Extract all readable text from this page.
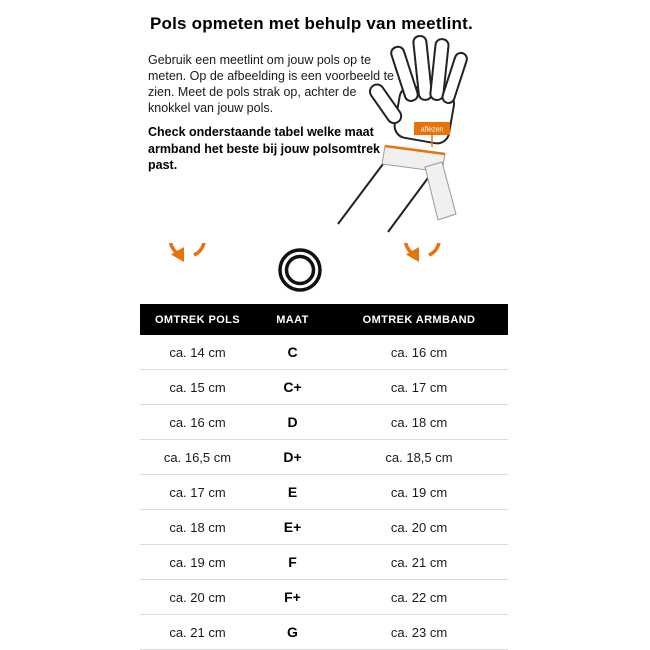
Pols opmeten met behulp van meetlint.
Gebruik een meetlint om jouw pols op te meten. Op de afbeelding is een voorbeeld te zien. Meet de pols strak op, achter de knokkel van jouw pols.
Check onderstaande tabel welke maat armband het beste bij jouw polsomtrek past.
aflezen
OMTREK POLS	MAAT	OMTREK ARMBAND
ca. 14 cm	C	ca. 16 cm
ca. 15 cm	C+	ca. 17 cm
ca. 16 cm	D	ca. 18 cm
ca. 16,5 cm	D+	ca. 18,5 cm
ca. 17 cm	E	ca. 19 cm
ca. 18 cm	E+	ca. 20 cm
ca. 19 cm	F	ca. 21 cm
ca. 20 cm	F+	ca. 22 cm
ca. 21 cm	G	ca. 23 cm
